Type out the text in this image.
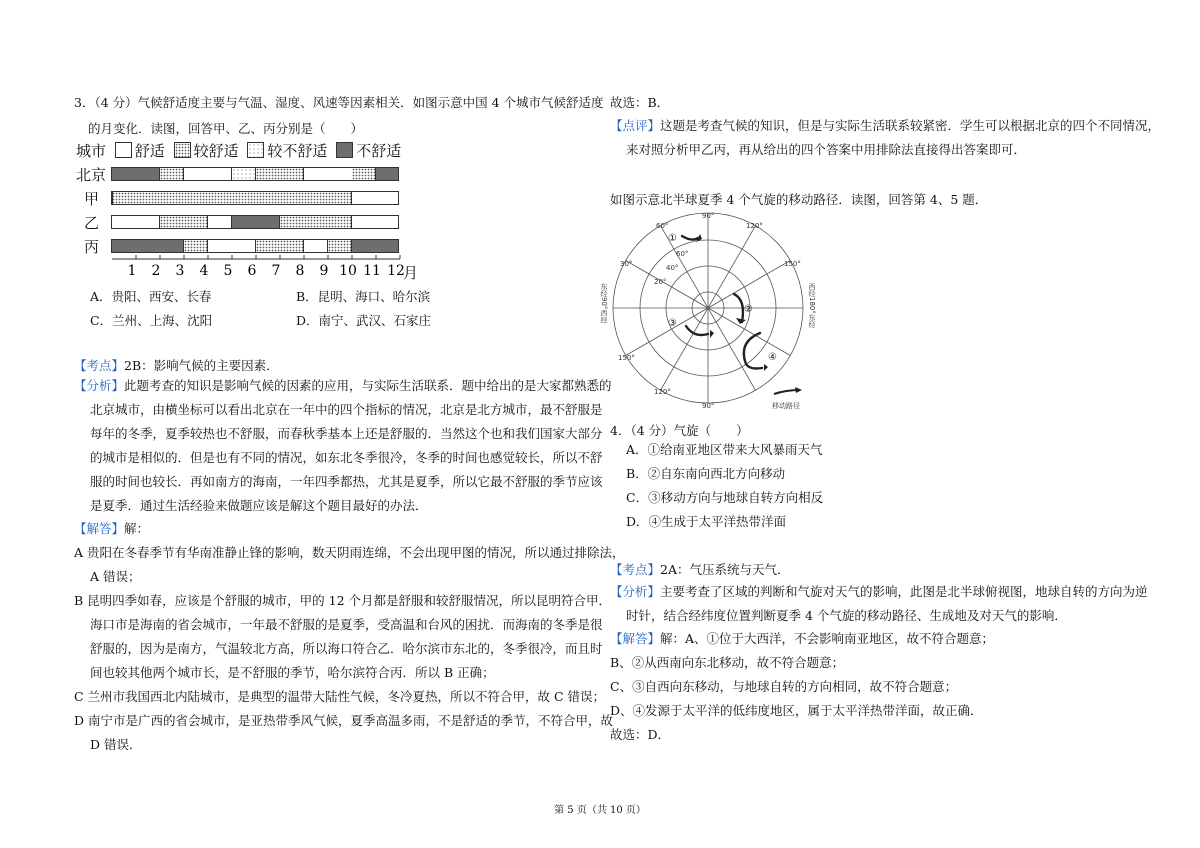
3．（4 分）气候舒适度主要与气温、湿度、风速等因素相关．如图示意中国 4 个城市气候舒适度
的月变化．读图，回答甲、乙、丙分别是（　　）
城市 舒适 较舒适 较不舒适 不舒适
北京
甲
乙
丙
1 2 3 4 5 6 7 8 9 10 11 12
月
A．贵阳、西安、长春	B．昆明、海口、哈尔滨
C．兰州、上海、沈阳	D．南宁、武汉、石家庄
【考点】2B：影响气候的主要因素．
【分析】此题考查的知识是影响气候的因素的应用，与实际生活联系．题中给出的是大家都熟悉的
北京城市，由横坐标可以看出北京在一年中的四个指标的情况，北京是北方城市，最不舒服是
每年的冬季，夏季较热也不舒服，而春秋季基本上还是舒服的．当然这个也和我们国家大部分
的城市是相似的．但是也有不同的情况，如东北冬季很冷，冬季的时间也感觉较长，所以不舒
服的时间也较长．再如南方的海南，一年四季都热，尤其是夏季，所以它最不舒服的季节应该
是夏季．通过生活经验来做题应该是解这个题目最好的办法．
【解答】解：
A 贵阳在冬春季节有华南准静止锋的影响，数天阴雨连绵，不会出现甲图的情况，所以通过排除法，
A 错误；
B 昆明四季如春，应该是个舒服的城市，甲的 12 个月都是舒服和较舒服情况，所以昆明符合甲．
海口市是海南的省会城市，一年最不舒服的是夏季，受高温和台风的困扰．而海南的冬季是很
舒服的，因为是南方，气温较北方高，所以海口符合乙．哈尔滨市东北的，冬季很冷，而且时
间也较其他两个城市长，是不舒服的季节，哈尔滨符合丙．所以 B 正确；
C 兰州市我国西北内陆城市，是典型的温带大陆性气候，冬冷夏热，所以不符合甲，故 C 错误；
D 南宁市是广西的省会城市，是亚热带季风气候，夏季高温多雨，不是舒适的季节，不符合甲，故
D 错误．
故选：B．
【点评】这题是考查气候的知识，但是与实际生活联系较紧密．学生可以根据北京的四个不同情况，
来对照分析甲乙丙，再从给出的四个答案中用排除法直接得出答案即可．
如图示意北半球夏季 4 个气旋的移动路径．读图，回答第 4、5 题．
90°
120°
150°
60°
30°
90°
120°
150°
60°
40°
20°
东经90°西经	西经180°东经
①
②
③
④
移动路径
4．（4 分）气旋（　　）
A．①给南亚地区带来大风暴雨天气
B．②自东南向西北方向移动
C．③移动方向与地球自转方向相反
D．④生成于太平洋热带洋面
【考点】2A：气压系统与天气．
【分析】主要考查了区域的判断和气旋对天气的影响，此图是北半球俯视图，地球自转的方向为逆
时针，结合经纬度位置判断夏季 4 个气旋的移动路径、生成地及对天气的影响．
【解答】解：A、①位于大西洋，不会影响南亚地区，故不符合题意；
B、②从西南向东北移动，故不符合题意；
C、③自西向东移动，与地球自转的方向相同，故不符合题意；
D、④发源于太平洋的低纬度地区，属于太平洋热带洋面，故正确．
故选：D．
第 5 页（共 10 页）
